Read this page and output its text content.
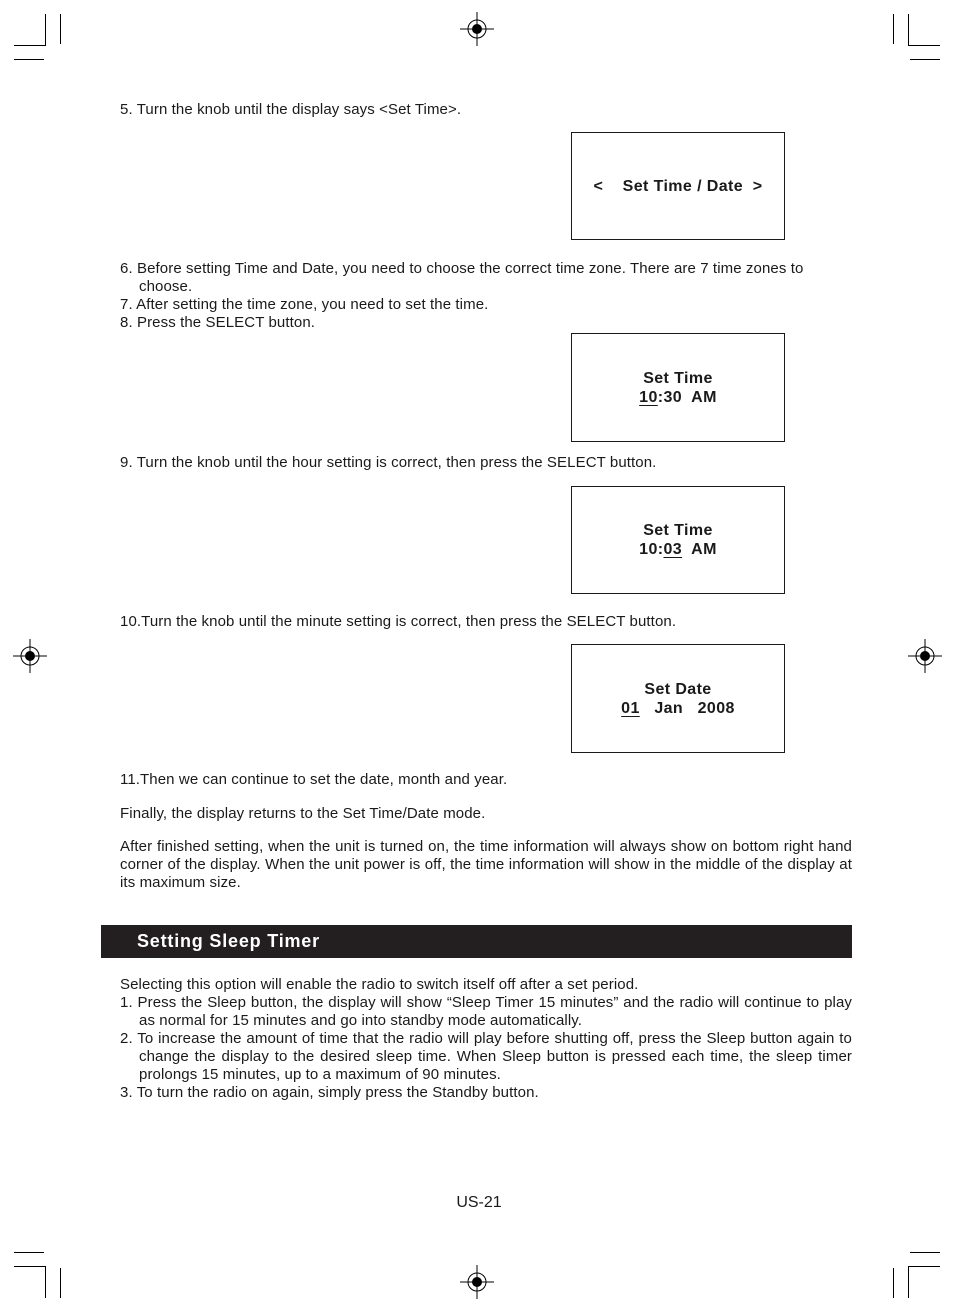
5. Turn the knob until the display says <Set Time>.

< Set Time / Date >

6. Before setting Time and Date, you need to choose the correct time zone. There are 7 time zones to choose.

7. After setting the time zone, you need to set the time.

8. Press the SELECT button.

Set Time
10:30  AM

9. Turn the knob until the hour setting is correct, then press the SELECT button.

Set Time
10:03  AM

10.Turn the knob until the minute setting is correct, then press the SELECT button.

Set Date
01   Jan   2008

11.Then we can continue to set the date, month and year.

Finally, the display returns to the Set Time/Date mode.

After finished setting, when the unit is turned on, the time information will always show on bottom right hand corner of the display. When the unit power is off, the time information will show in the middle of the display at its maximum size.

Setting Sleep Timer

Selecting this option will enable the radio to switch itself off after a set period.

1. Press the Sleep button, the display will show “Sleep Timer 15 minutes” and the radio will continue to play as normal for 15 minutes and go into standby mode automatically.

2. To increase the amount of time that the radio will play before shutting off, press the Sleep button again to change the display to the desired sleep time. When Sleep button is pressed each time, the sleep timer prolongs 15 minutes, up to a maximum of 90 minutes.

3. To turn the radio on again, simply press the Standby button.

US-21
